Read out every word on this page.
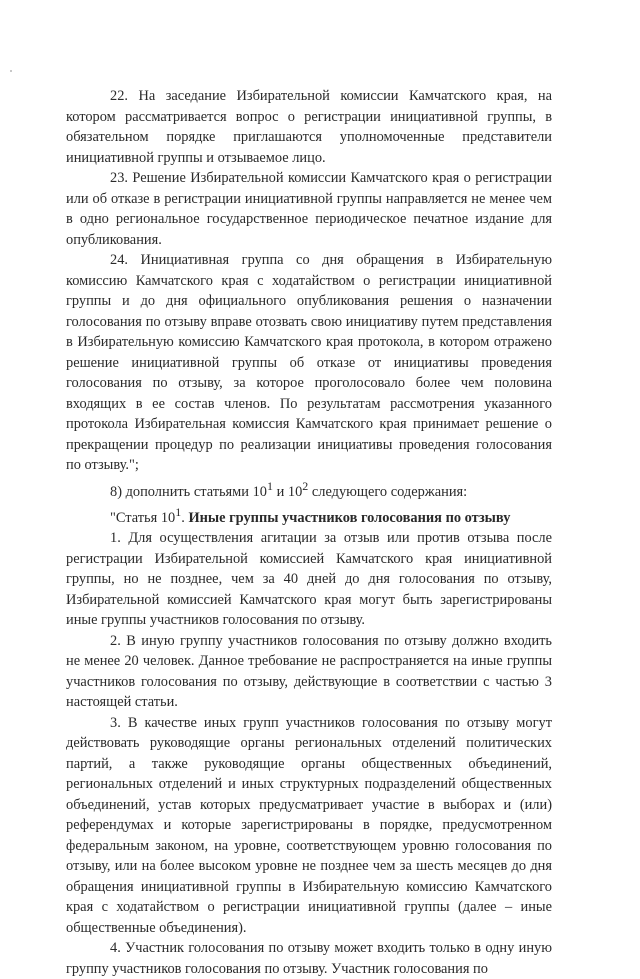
22. На заседание Избирательной комиссии Камчатского края, на котором рассматривается вопрос о регистрации инициативной группы, в обязательном порядке приглашаются уполномоченные представители инициативной группы и отзываемое лицо.

23. Решение Избирательной комиссии Камчатского края о регистрации или об отказе в регистрации инициативной группы направляется не менее чем в одно региональное государственное периодическое печатное издание для опубликования.

24. Инициативная группа со дня обращения в Избирательную комиссию Камчатского края с ходатайством о регистрации инициативной группы и до дня официального опубликования решения о назначении голосования по отзыву вправе отозвать свою инициативу путем представления в Избирательную комиссию Камчатского края протокола, в котором отражено решение инициативной группы об отказе от инициативы проведения голосования по отзыву, за которое проголосовало более чем половина входящих в ее состав членов. По результатам рассмотрения указанного протокола Избирательная комиссия Камчатского края принимает решение о прекращении процедур по реализации инициативы проведения голосования по отзыву.";

8) дополнить статьями $10^1$ и $10^2$ следующего содержания:

"Статья $10^1$. Иные группы участников голосования по отзыву

1. Для осуществления агитации за отзыв или против отзыва после регистрации Избирательной комиссией Камчатского края инициативной группы, но не позднее, чем за 40 дней до дня голосования по отзыву, Избирательной комиссией Камчатского края могут быть зарегистрированы иные группы участников голосования по отзыву.

2. В иную группу участников голосования по отзыву должно входить не менее 20 человек. Данное требование не распространяется на иные группы участников голосования по отзыву, действующие в соответствии с частью 3 настоящей статьи.

3. В качестве иных групп участников голосования по отзыву могут действовать руководящие органы региональных отделений политических партий, а также руководящие органы общественных объединений, региональных отделений и иных структурных подразделений общественных объединений, устав которых предусматривает участие в выборах и (или) референдумах и которые зарегистрированы в порядке, предусмотренном федеральным законом, на уровне, соответствующем уровню голосования по отзыву, или на более высоком уровне не позднее чем за шесть месяцев до дня обращения инициативной группы в Избирательную комиссию Камчатского края с ходатайством о регистрации инициативной группы (далее – иные общественные объединения).

4. Участник голосования по отзыву может входить только в одну иную группу участников голосования по отзыву. Участник голосования по
